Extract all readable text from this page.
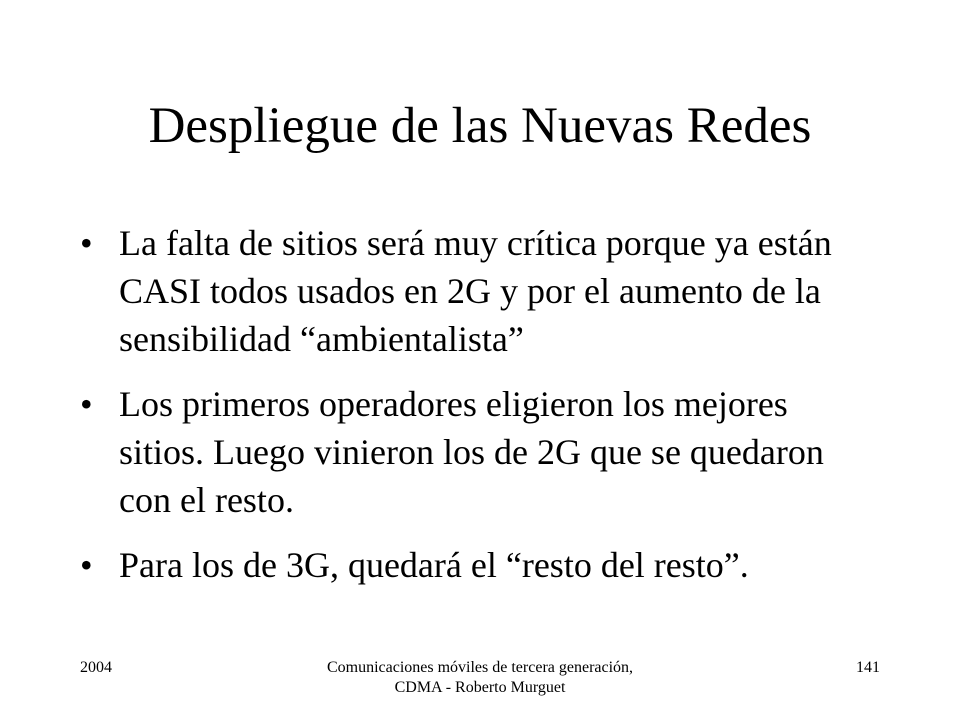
Despliegue de las Nuevas Redes
• La falta de sitios será muy crítica porque ya están CASI todos usados en 2G y por el aumento de la sensibilidad “ambientalista”
• Los primeros operadores eligieron los mejores sitios. Luego vinieron los de 2G que se quedaron con el resto.
• Para los de 3G, quedará el “resto del resto”.
2004	Comunicaciones móviles de tercera generación, CDMA - Roberto Murguet
141
